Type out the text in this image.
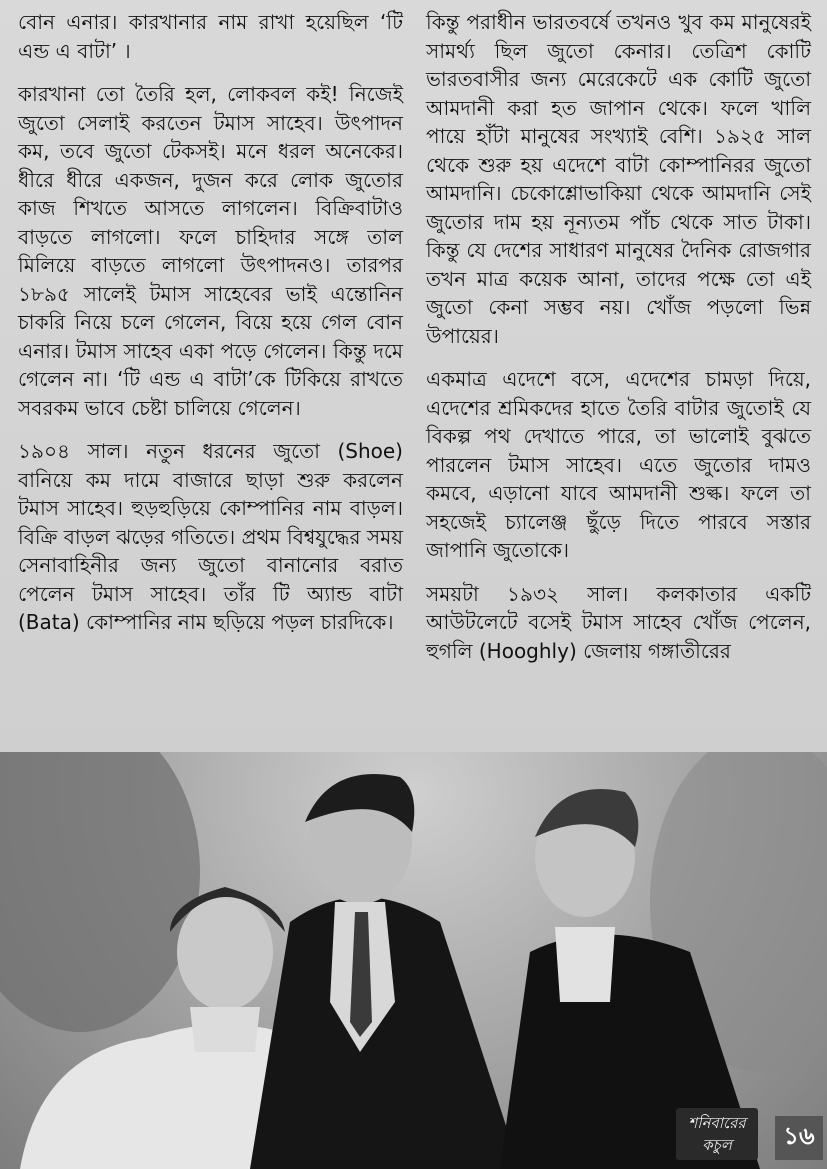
বোন এনার। কারখানার নাম রাখা হয়েছিল ‘টি এন্ড এ বাটা’ ।

কারখানা তো তৈরি হল, লোকবল কই! নিজেই জুতো সেলাই করতেন টমাস সাহেব। উৎপাদন কম, তবে জুতো টেকসই। মনে ধরল অনেকের। ধীরে ধীরে একজন, দুজন করে লোক জুতোর কাজ শিখতে আসতে লাগলেন। বিক্রিবাটাও বাড়তে লাগলো। ফলে চাহিদার সঙ্গে তাল মিলিয়ে বাড়তে লাগলো উৎপাদনও। তারপর ১৮৯৫ সালেই টমাস সাহেবের ভাই এন্তোনিন চাকরি নিয়ে চলে গেলেন, বিয়ে হয়ে গেল বোন এনার। টমাস সাহেব একা পড়ে গেলেন। কিন্তু দমে গেলেন না। ‘টি এন্ড এ বাটা’কে টিকিয়ে রাখতে সবরকম ভাবে চেষ্টা চালিয়ে গেলেন।

১৯০৪ সাল। নতুন ধরনের জুতো (Shoe) বানিয়ে কম দামে বাজারে ছাড়া শুরু করলেন টমাস সাহেব। হুড়হুড়িয়ে কোম্পানির নাম বাড়ল। বিক্রি বাড়ল ঝড়ের গতিতে। প্রথম বিশ্বযুদ্ধের সময় সেনাবাহিনীর জন্য জুতো বানানোর বরাত পেলেন টমাস সাহেব। তাঁর টি অ্যান্ড বাটা (Bata) কোম্পানির নাম ছড়িয়ে পড়ল চারদিকে।

কিন্তু পরাধীন ভারতবর্ষে তখনও খুব কম মানুষেরই সামর্থ্য ছিল জুতো কেনার। তেত্রিশ কোটি ভারতবাসীর জন্য মেরেকেটে এক কোটি জুতো আমদানী করা হত জাপান থেকে। ফলে খালি পায়ে হাঁটা মানুষের সংখ্যাই বেশি। ১৯২৫ সাল থেকে শুরু হয় এদেশে বাটা কোম্পানিরর জুতো আমদানি। চেকোশ্লোভাকিয়া থেকে আমদানি সেই জুতোর দাম হয় নূন্যতম পাঁচ থেকে সাত টাকা। কিন্তু যে দেশের সাধারণ মানুষের দৈনিক রোজগার তখন মাত্র কয়েক আনা, তাদের পক্ষে তো এই জুতো কেনা সম্ভব নয়। খোঁজ পড়লো ভিন্ন উপায়ের।

একমাত্র এদেশে বসে, এদেশের চামড়া দিয়ে, এদেশের শ্রমিকদের হাতে তৈরি বাটার জুতোই যে বিকল্প পথ দেখাতে পারে, তা ভালোই বুঝতে পারলেন টমাস সাহেব। এতে জুতোর দামও কমবে, এড়ানো যাবে আমদানী শুল্ক। ফলে তা সহজেই চ্যালেঞ্জ ছুঁড়ে দিতে পারবে সস্তার জাপানি জুতোকে।

সময়টা ১৯৩২ সাল। কলকাতার একটি আউটলেটে বসেই টমাস সাহেব খোঁজ পেলেন, হুগলি (Hooghly) জেলায় গঙ্গাতীরের

শনিবারের
কচুল	১৬
